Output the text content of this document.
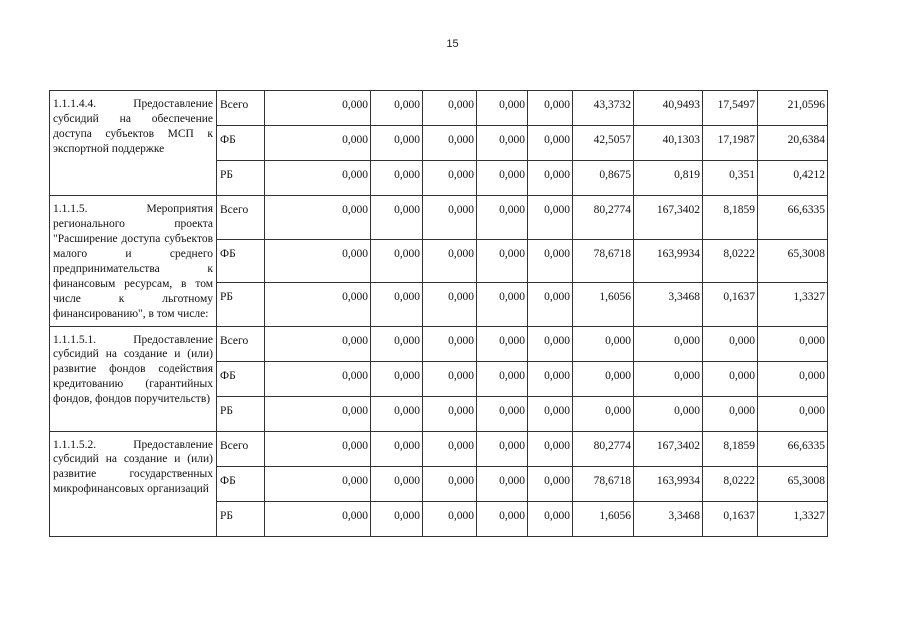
15
1.1.1.4.4. Предоставление субсидий на обеспечение доступа субъектов МСП к экспортной поддержке	Всего	0,000	0,000	0,000	0,000	0,000	43,3732	40,9493	17,5497	21,0596
	ФБ	0,000	0,000	0,000	0,000	0,000	42,5057	40,1303	17,1987	20,6384
	РБ	0,000	0,000	0,000	0,000	0,000	0,8675	0,819	0,351	0,4212
1.1.1.5. Мероприятия регионального проекта "Расширение доступа субъектов малого и среднего предпринимательства к финансовым ресурсам, в том числе к льготному финансированию", в том числе:	Всего	0,000	0,000	0,000	0,000	0,000	80,2774	167,3402	8,1859	66,6335
	ФБ	0,000	0,000	0,000	0,000	0,000	78,6718	163,9934	8,0222	65,3008
	РБ	0,000	0,000	0,000	0,000	0,000	1,6056	3,3468	0,1637	1,3327
1.1.1.5.1. Предоставление субсидий на создание и (или) развитие фондов содействия кредитованию (гарантийных фондов, фондов поручительств)	Всего	0,000	0,000	0,000	0,000	0,000	0,000	0,000	0,000	0,000
	ФБ	0,000	0,000	0,000	0,000	0,000	0,000	0,000	0,000	0,000
	РБ	0,000	0,000	0,000	0,000	0,000	0,000	0,000	0,000	0,000
1.1.1.5.2. Предоставление субсидий на создание и (или) развитие государственных микрофинансовых организаций	Всего	0,000	0,000	0,000	0,000	0,000	80,2774	167,3402	8,1859	66,6335
	ФБ	0,000	0,000	0,000	0,000	0,000	78,6718	163,9934	8,0222	65,3008
	РБ	0,000	0,000	0,000	0,000	0,000	1,6056	3,3468	0,1637	1,3327
